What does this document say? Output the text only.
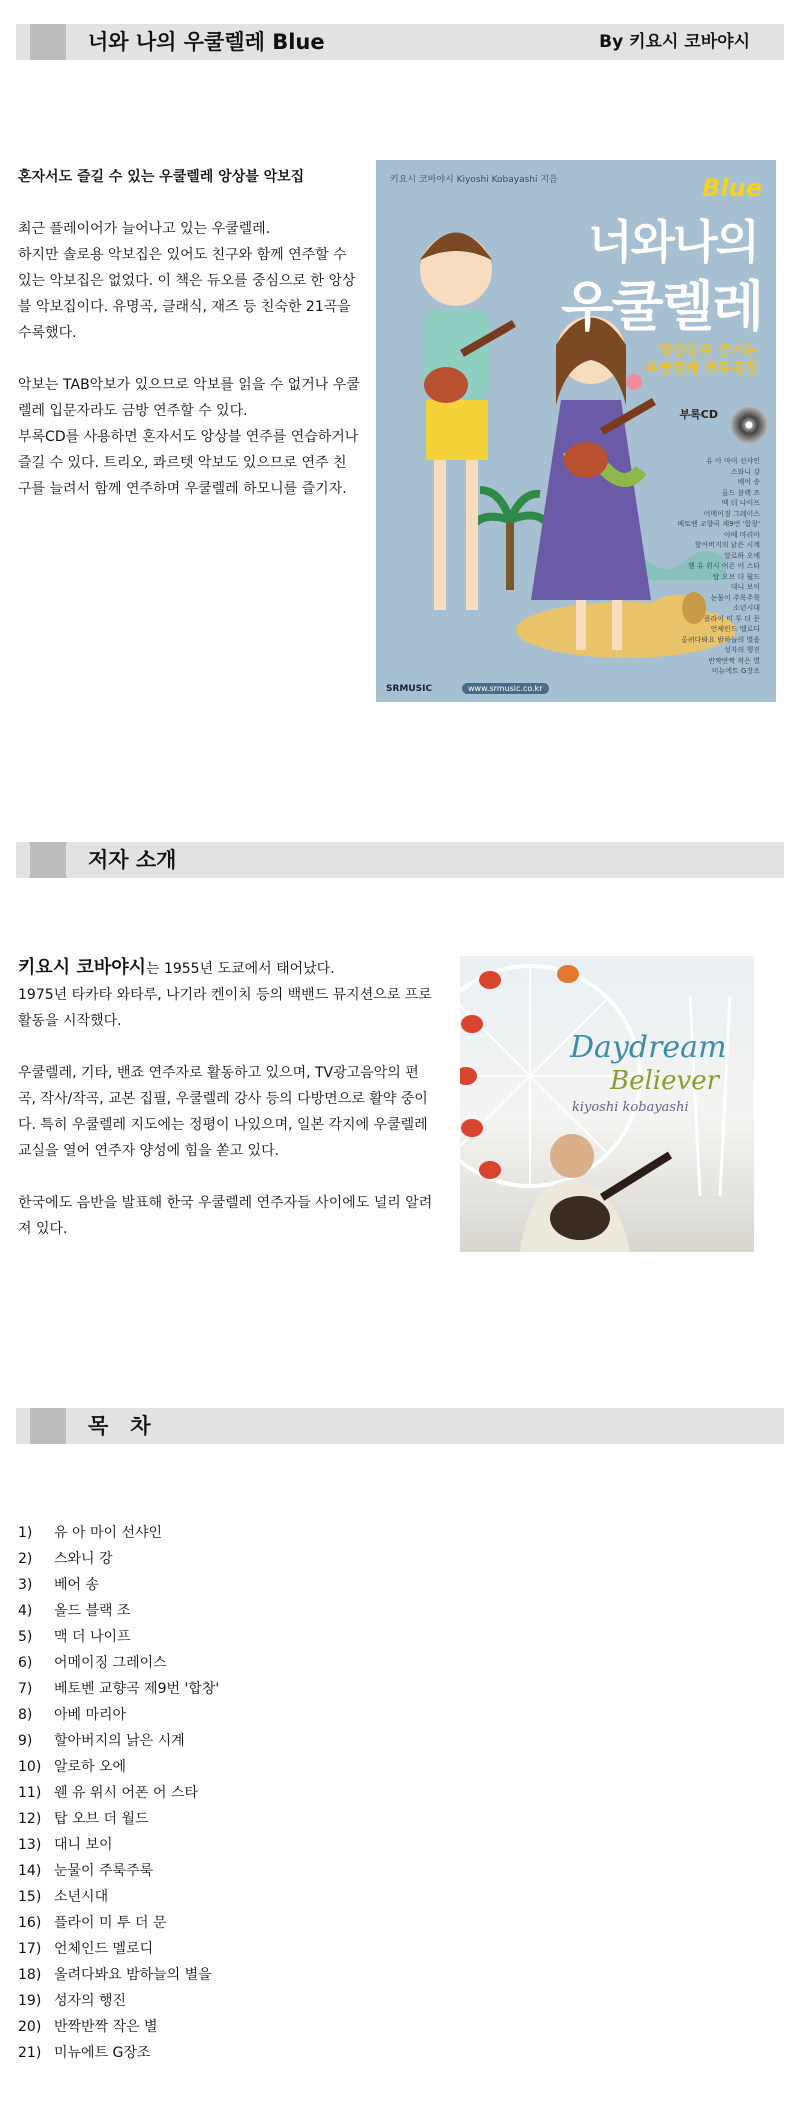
너와 나의 우쿨렐레 Blue	By 키요시 코바야시

혼자서도 즐길 수 있는 우쿨렐레 앙상블 악보집

최근 플레이어가 늘어나고 있는 우쿨렐레.

하지만 솔로용 악보집은 있어도 친구와 함께 연주할 수 있는 악보집은 없었다. 이 책은 듀오를 중심으로 한 앙상블 악보집이다. 유명곡, 클래식, 재즈 등 친숙한 21곡을 수록했다.

악보는 TAB악보가 있으므로 악보를 읽을 수 없거나 우쿨렐레 입문자라도 금방 연주할 수 있다.

부록CD를 사용하면 혼자서도 앙상블 연주를 연습하거나 즐길 수 있다. 트리오, 콰르텟 악보도 있으므로 연주 친구를 늘려서 함께 연주하며 우쿨렐레 하모니를 즐기자.

키요시 코바야시 Kiyoshi Kobayashi 지음	Blue
너와나의
우쿨렐레
앙상블로 즐기는
우쿨렐레 연주곡집
부록CD
유 아 마이 선샤인
스와니 강
베어 송
올드 블랙 조
맥 더 나이프
어메이징 그레이스
베토벤 교향곡 제9번 '합창'
아베 마리아
할아버지의 낡은 시계
알로하 오에
웬 유 위시 어폰 어 스타
탑 오브 더 월드
대니 보이
눈물이 주룩주룩
소년시대
플라이 미 투 더 문
언체인드 멜로디
올려다봐요 밤하늘의 별을
성자의 행진
반짝반짝 작은 별
미뉴에트 G장조
SRMUSIC	www.srmusic.co.kr
저자 소개

키요시 코바야시는 1955년 도쿄에서 태어났다.

1975년 타카타 와타루, 나기라 켄이치 등의 백밴드 뮤지션으로 프로 활동을 시작했다.

우쿨렐레, 기타, 밴죠 연주자로 활동하고 있으며, TV광고음악의 편곡, 작사/작곡, 교본 집필, 우쿨렐레 강사 등의 다방면으로 활약 중이다. 특히 우쿨렐레 지도에는 정평이 나있으며, 일본 각지에 우쿨렐레 교실을 열어 연주자 양성에 힘을 쏟고 있다.

한국에도 음반을 발표해 한국 우쿨렐레 연주자들 사이에도 널리 알려져 있다.

Daydream
Believer
kiyoshi kobayashi
목   차
1) 유 아 마이 선샤인
2) 스와니 강
3) 베어 송
4) 올드 블랙 조
5) 맥 더 나이프
6) 어메이징 그레이스
7) 베토벤 교향곡 제9번 '합창'
8) 아베 마리아
9) 할아버지의 낡은 시계
10) 알로하 오에
11) 웬 유 위시 어폰 어 스타
12) 탑 오브 더 월드
13) 대니 보이
14) 눈물이 주룩주룩
15) 소년시대
16) 플라이 미 투 더 문
17) 언체인드 멜로디
18) 올려다봐요 밤하늘의 별을
19) 성자의 행진
20) 반짝반짝 작은 별
21) 미뉴에트 G장조
